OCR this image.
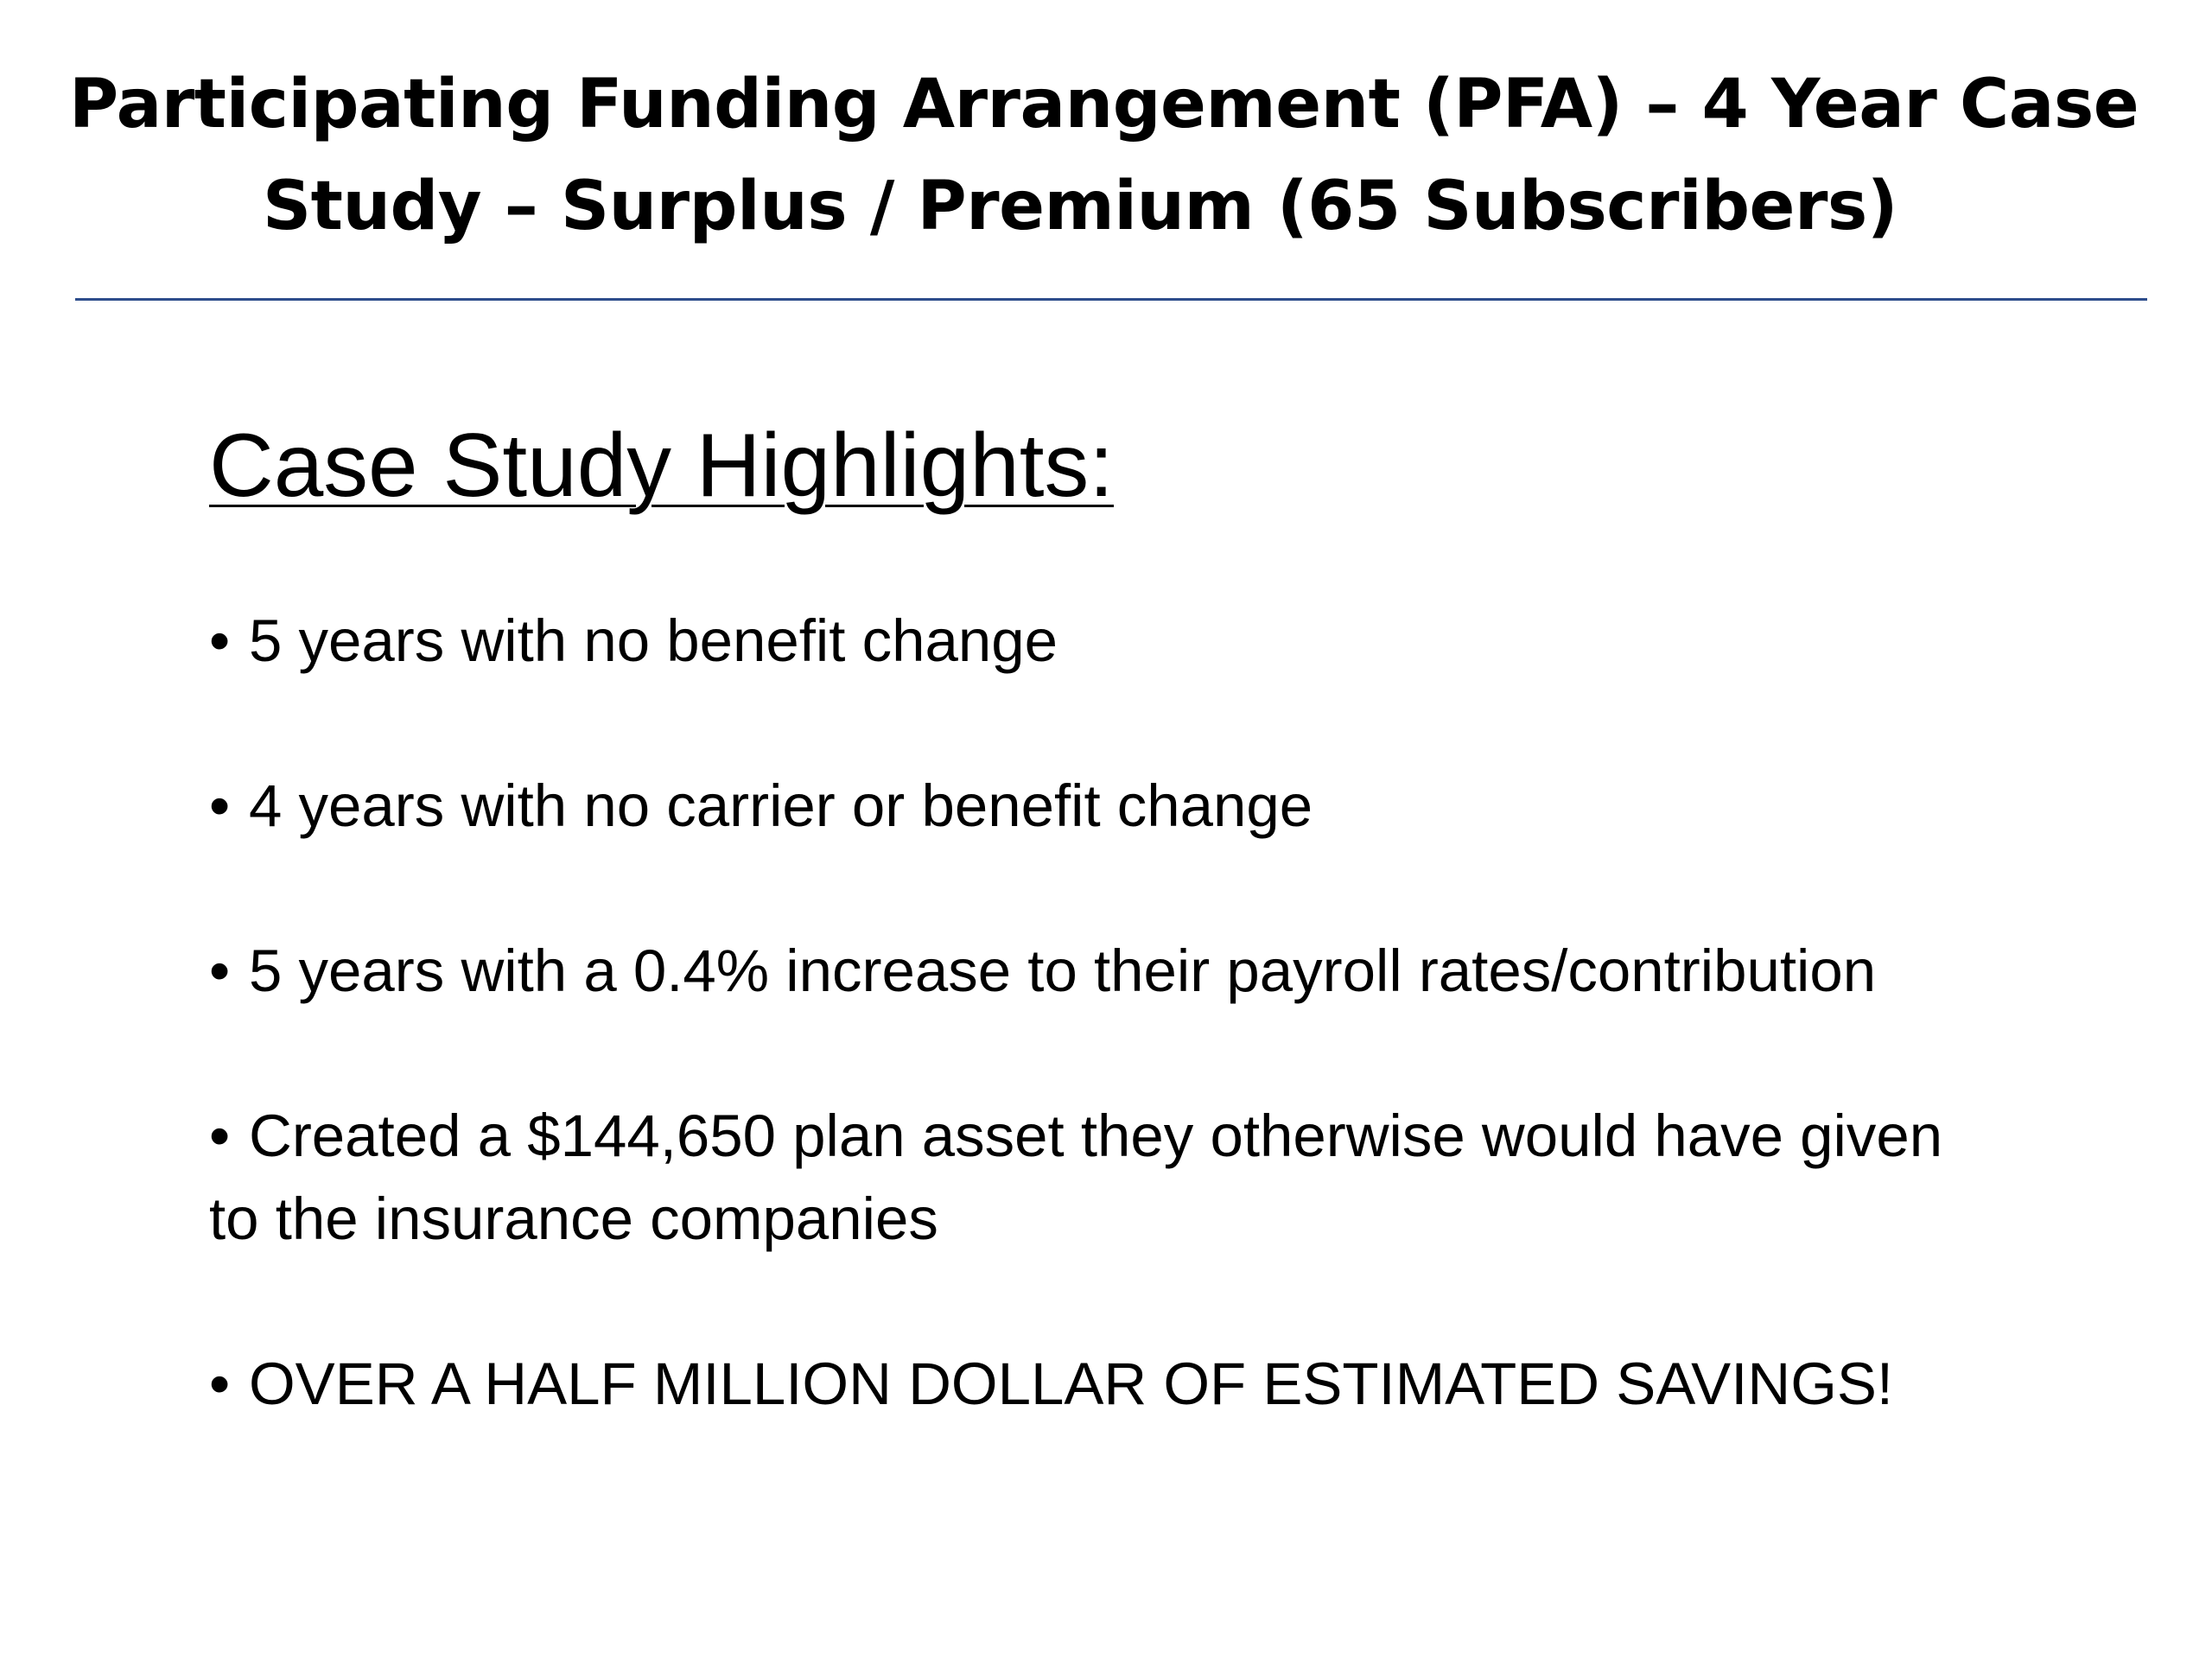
Participating Funding Arrangement (PFA) – 4 Year Case
Study – Surplus / Premium (65 Subscribers)
Case Study Highlights:
• 5 years with no benefit change
• 4 years with no carrier or benefit change
• 5 years with a 0.4% increase to their payroll rates/contribution
• Created a $144,650 plan asset they otherwise would have given
to the insurance companies
• OVER A HALF MILLION DOLLAR OF ESTIMATED SAVINGS!
